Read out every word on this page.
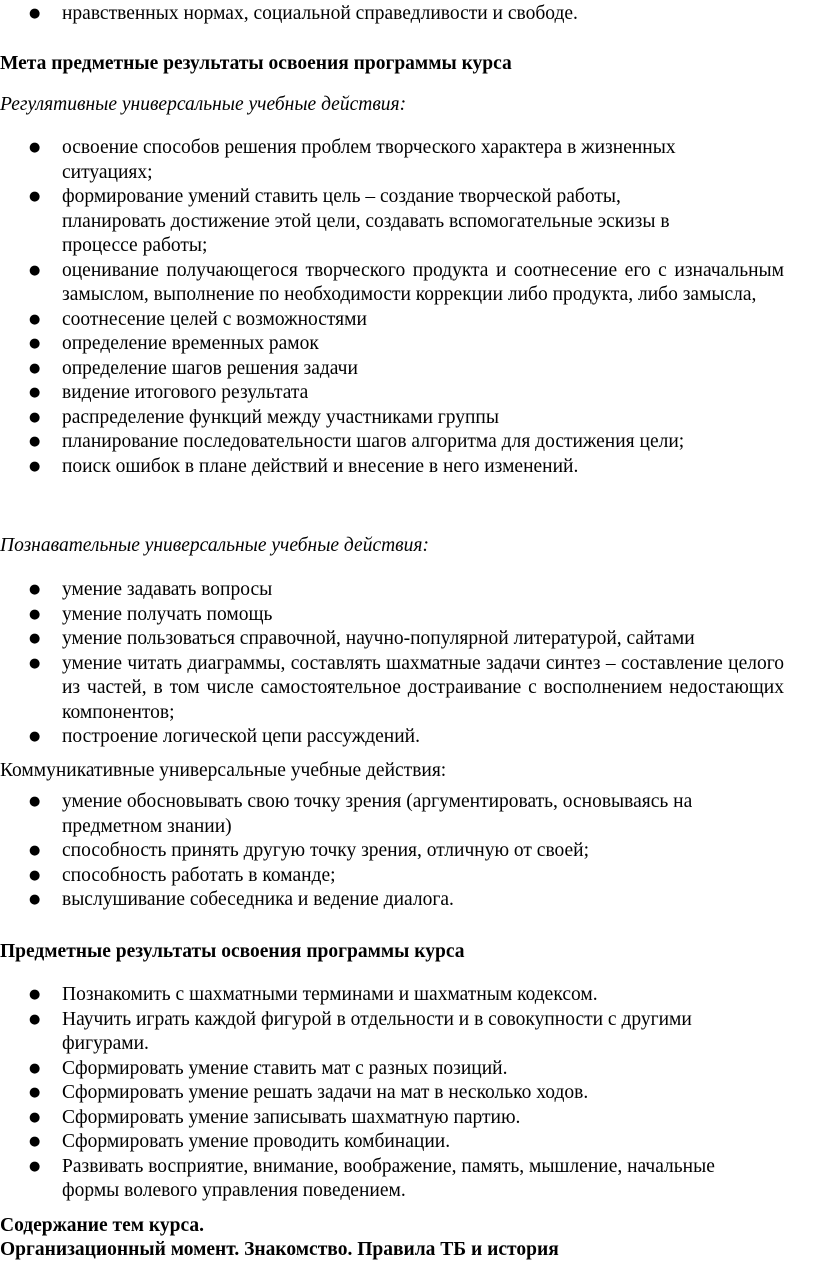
● нравственных нормах, социальной справедливости и свободе.
Мета предметные результаты освоения программы курса
Регулятивные универсальные учебные действия:
● освоение способов решения проблем творческого характера в жизненных ситуациях;
● формирование умений ставить цель – создание творческой работы, планировать достижение этой цели, создавать вспомогательные эскизы в процессе работы;
● оценивание получающегося творческого продукта и соотнесение его с изначальным замыслом, выполнение по необходимости коррекции либо продукта, либо замысла,
● соотнесение целей с возможностями
● определение временных рамок
● определение шагов решения задачи
● видение итогового результата
● распределение функций между участниками группы
● планирование последовательности шагов алгоритма для достижения цели;
● поиск ошибок в плане действий и внесение в него изменений.
Познавательные универсальные учебные действия:
● умение задавать вопросы
● умение получать помощь
● умение пользоваться справочной, научно-популярной литературой, сайтами
● умение читать диаграммы, составлять шахматные задачи синтез – составление целого из частей, в том числе самостоятельное достраивание с восполнением недостающих компонентов;
● построение логической цепи рассуждений.
Коммуникативные универсальные учебные действия:
● умение обосновывать свою точку зрения (аргументировать, основываясь на предметном знании)
● способность принять другую точку зрения, отличную от своей;
● способность работать в команде;
● выслушивание собеседника и ведение диалога.
Предметные результаты освоения программы курса
● Познакомить с шахматными терминами и шахматным кодексом.
● Научить играть каждой фигурой в отдельности и в совокупности с другими фигурами.
● Сформировать умение ставить мат с разных позиций.
● Сформировать умение решать задачи на мат в несколько ходов.
● Сформировать умение записывать шахматную партию.
● Сформировать умение проводить комбинации.
● Развивать восприятие, внимание, воображение, память, мышление, начальные формы волевого управления поведением.
Содержание тем курса.
Организационный момент. Знакомство. Правила ТБ и история
